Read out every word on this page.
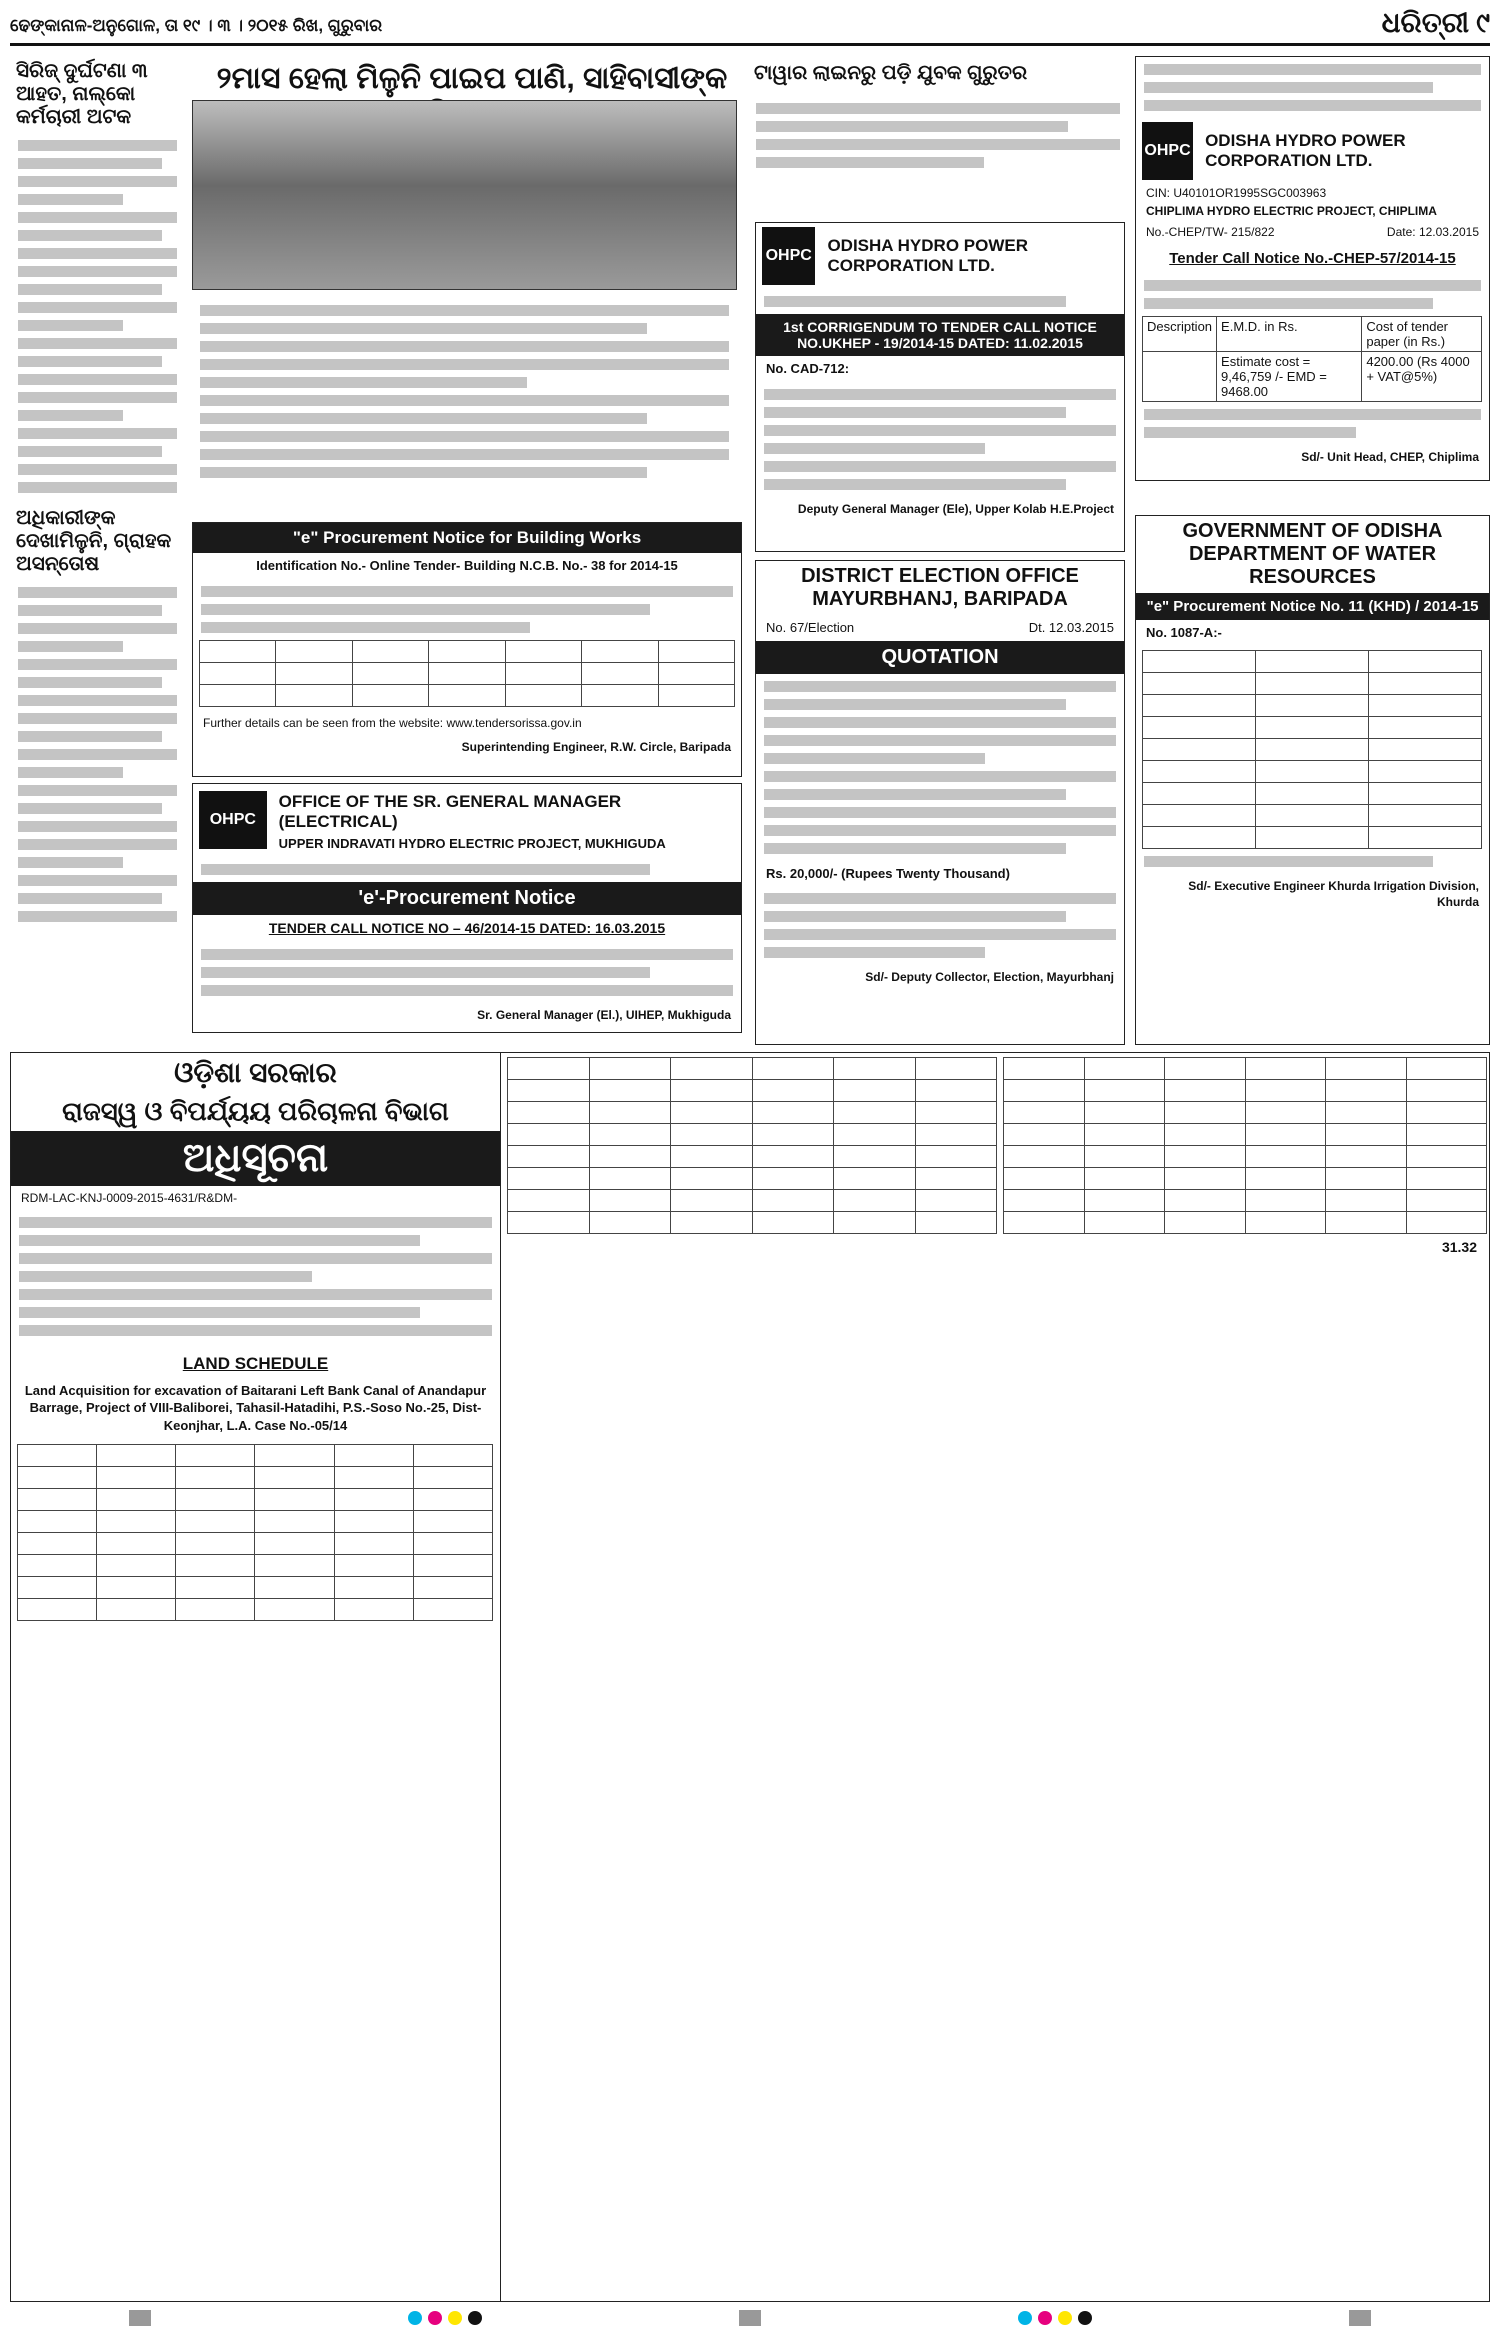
ଢେଙ୍କାନାଳ-ଅନୁଗୋଳ, ତା ୧୯ । ୩ । ୨୦୧୫ ରିଖ, ଗୁରୁବାର	ଧରିତ୍ରୀ ୯
ସିରିଜ୍ ଦୁର୍ଘଟଣା ୩ ଆହତ, ନାଲ୍କୋ କର୍ମଚାରୀ ଅଟକ
ଅଧିକାରୀଙ୍କ ଦେଖାମିଳୁନି, ଗ୍ରାହକ ଅସନ୍ତୋଷ
୨ମାସ ହେଲା ମିଳୁନି ପାଇପ ପାଣି, ସାହିବାସୀଙ୍କ	ଟାୱାର ଲାଇନରୁ ପଡ଼ି ଯୁବକ ଗୁରୁତର
OHPC
ODISHA HYDRO POWER CORPORATION LTD.
CIN: U40101OR1995SGC003963
CHIPLIMA HYDRO ELECTRIC PROJECT, CHIPLIMA
No.-CHEP/TW- 215/822	Date: 12.03.2015
Tender Call Notice No.-CHEP-57/2014-15
Description	E.M.D. in Rs.	Cost of tender paper (in Rs.)
	Estimate cost = 9,46,759 /- EMD = 9468.00	4200.00 (Rs 4000 + VAT@5%)
Sd/- Unit Head, CHEP, Chiplima
OHPC
ODISHA HYDRO POWER CORPORATION LTD.
1st CORRIGENDUM TO TENDER CALL NOTICE NO.UKHEP - 19/2014-15 DATED: 11.02.2015
No. CAD-712:
Deputy General Manager (Ele), Upper Kolab H.E.Project
"e" Procurement Notice for Building Works
Identification No.- Online Tender- Building N.C.B. No.- 38 for 2014-15

Further details can be seen from the website: www.tendersorissa.gov.in
Superintending Engineer, R.W. Circle, Baripada
OHPC
OFFICE OF THE SR. GENERAL MANAGER (ELECTRICAL)
UPPER INDRAVATI HYDRO ELECTRIC PROJECT, MUKHIGUDA
'e'-Procurement Notice
TENDER CALL NOTICE NO – 46/2014-15 DATED: 16.03.2015
Sr. General Manager (El.), UIHEP, Mukhiguda
DISTRICT ELECTION OFFICE MAYURBHANJ, BARIPADA
No. 67/Election	Dt. 12.03.2015
QUOTATION
Rs. 20,000/- (Rupees Twenty Thousand)
Sd/- Deputy Collector, Election, Mayurbhanj
GOVERNMENT OF ODISHA DEPARTMENT OF WATER RESOURCES
"e" Procurement Notice No. 11 (KHD) / 2014-15
No. 1087-A:-

Sd/- Executive Engineer Khurda Irrigation Division, Khurda
ଓଡ଼ିଶା ସରକାର
ରାଜସ୍ୱ ଓ ବିପର୍ଯ୍ୟୟ ପରିଚାଳନା ବିଭାଗ
ଅଧିସୂଚନା
RDM-LAC-KNJ-0009-2015-4631/R&DM-
LAND SCHEDULE
Land Acquisition for excavation of Baitarani Left Bank Canal of Anandapur Barrage, Project of VIII-Baliborei, Tahasil-Hatadihi, P.S.-Soso No.-25, Dist-Keonjhar, L.A. Case No.-05/14

31.32
